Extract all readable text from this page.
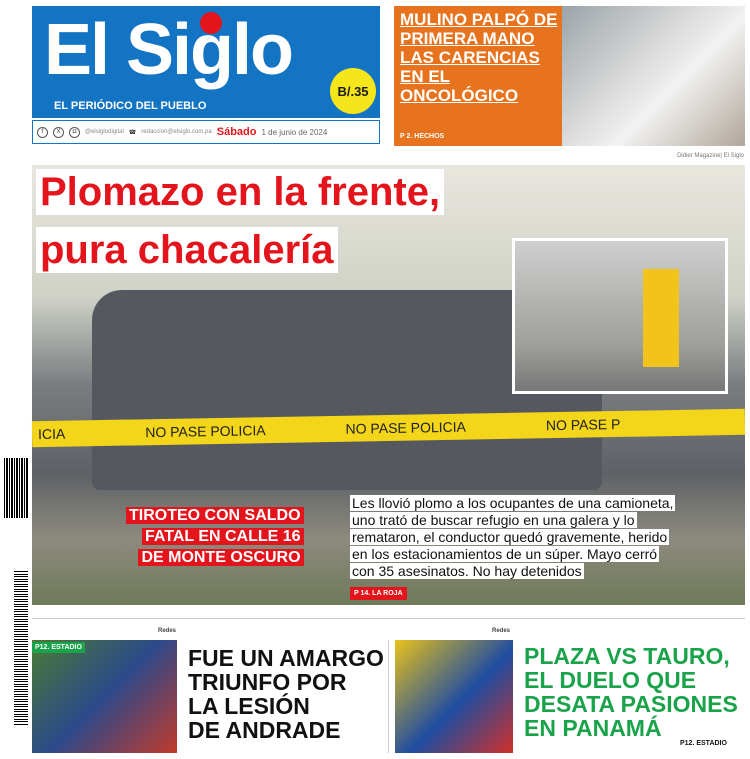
El Siglo
EL PERIÓDICO DEL PUEBLO
B/.35
f	X	◘	@elsiglodigital ☎ redaccion@elsiglo.com.pa Sábado 1 de junio de 2024
MULINO PALPÓ DE PRIMERA MANO LAS CARENCIAS EN EL ONCOLÓGICO
P 2. HECHOS
Didier Magazine| El Siglo
ICIA	NO PASE POLICIA	NO PASE POLICIA	NO PASE P
Plomazo en la frente,
pura chacalería
TIROTEO CON SALDO
FATAL EN CALLE 16
DE MONTE OSCURO
Les llovió plomo a los ocupantes de una camioneta,
uno trató de buscar refugio en una galera y lo
remataron, el conductor quedó gravemente, herido
en los estacionamientos de un súper. Mayo cerró
con 35 asesinatos. No hay detenidos
P 14. LA ROJA
Redes
P12. ESTADIO	FUE UN AMARGO
TRIUNFO POR
LA LESIÓN
DE ANDRADE
Redes
PLAZA VS TAURO,
EL DUELO QUE
DESATA PASIONES
EN PANAMÁ
P12. ESTADIO
